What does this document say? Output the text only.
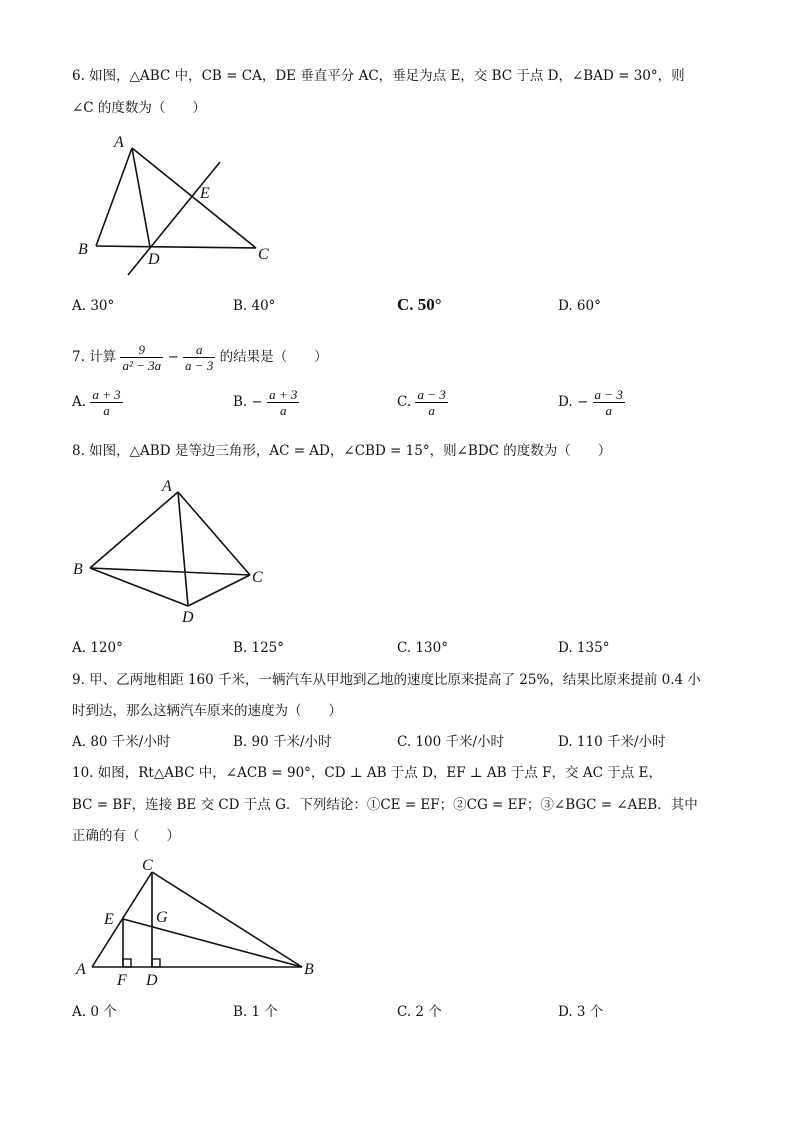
6. 如图，△ABC 中，CB = CA，DE 垂直平分 AC，垂足为点 E，交 BC 于点 D，∠BAD = 30°，则
∠C 的度数为（　　）
A
B	C
D
E
A. 30°	B. 40°	C. 50°	D. 60°
7. 计算 $\frac{9}{\text{a² − 3a}} - \frac{a}{a - 3}$ 的结果是（　　）
A. $\frac{a + 3}{a}$	B. − $\frac{a + 3}{a}$	C. $\frac{a - 3}{a}$	D. − $\frac{a - 3}{a}$
8. 如图，△ABD 是等边三角形，AC = AD，∠CBD = 15°，则∠BDC 的度数为（　　）
A
B	C
D
A. 120°	B. 125°	C. 130°	D. 135°
9. 甲、乙两地相距 160 千米，一辆汽车从甲地到乙地的速度比原来提高了 25%，结果比原来提前 0.4 小
时到达，那么这辆汽车原来的速度为（　　）
A. 80 千米/小时	B. 90 千米/小时	C. 100 千米/小时	D. 110 千米/小时
10. 如图，Rt△ABC 中，∠ACB = 90°，CD ⊥ AB 于点 D，EF ⊥ AB 于点 F，交 AC 于点 E，
BC = BF，连接 BE 交 CD 于点 G．下列结论：①CE = EF；②CG = EF；③∠BGC = ∠AEB．其中
正确的有（　　）
C
E	G
A
F D
B
A. 0 个	B. 1 个	C. 2 个	D. 3 个
